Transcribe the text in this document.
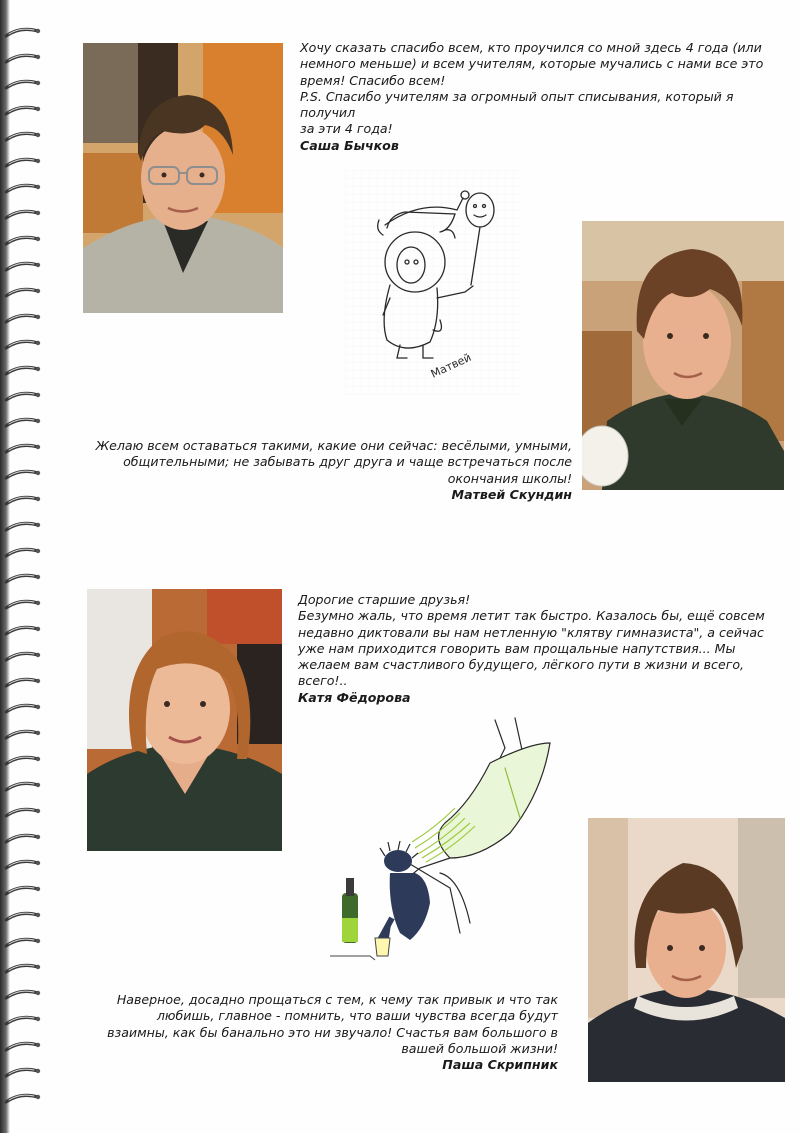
Хочу сказать спасибо всем, кто проучился со мной здесь 4 года (или
немного меньше) и всем учителям, которые мучались с нами все это
время! Спасибо всем!
P.S. Спасибо учителям за огромный опыт списывания, который я получил
за эти 4 года!
Саша Бычков
Матвей
Желаю всем оставаться такими, какие они сейчас: весёлыми, умными,
общительными; не забывать друг друга и чаще встречаться после
окончания школы!
Матвей Скундин
Дорогие старшие друзья!
Безумно жаль, что время летит так быстро. Казалось бы, ещё совсем
недавно диктовали вы нам нетленную "клятву гимназиста", а сейчас
уже нам приходится говорить вам прощальные напутствия... Мы
желаем вам счастливого будущего, лёгкого пути в жизни и всего,
всего!..
Катя Фёдорова
Наверное, досадно прощаться с тем, к чему так привык и что так
любишь, главное - помнить, что ваши чувства всегда будут
взаимны, как бы банально это ни звучало! Счастья вам большого в
вашей большой жизни!
Паша Скрипник
